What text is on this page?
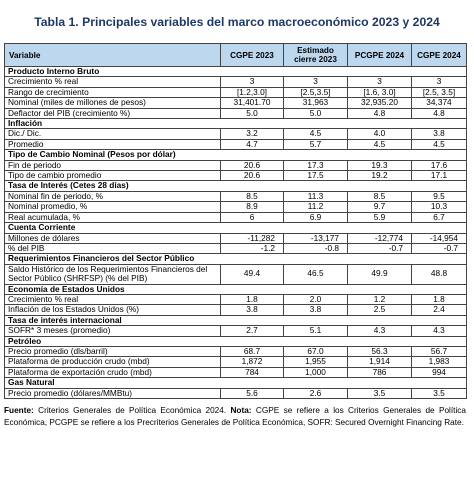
Tabla 1. Principales variables del marco macroeconómico 2023 y 2024
Variable	CGPE 2023	Estimado cierre 2023	PCGPE 2024	CGPE 2024
Producto Interno Bruto				
Crecimiento % real	3	3	3	3
Rango de crecimiento	[1.2,3.0]	[2.5,3.5]	[1.6, 3.0]	[2.5, 3.5]
Nominal (miles de millones de pesos)	31,401.70	31,963	32,935.20	34,374
Deflactor del PIB (crecimiento %)	5.0	5.0	4.8	4.8
Inflación				
Dic./ Dic.	3.2	4.5	4.0	3.8
Promedio	4.7	5.7	4.5	4.5
Tipo de Cambio Nominal (Pesos por dólar)				
Fin de periodo	20.6	17.3	19.3	17.6
Tipo de cambio promedio	20.6	17.5	19.2	17.1
Tasa de Interés (Cetes 28 días)				
Nominal fin de periodo, %	8.5	11.3	8.5	9.5
Nominal promedio, %	8.9	11.2	9.7	10.3
Real acumulada, %	6	6.9	5.9	6.7
Cuenta Corriente				
Millones de dólares	-11,282	-13,177	-12,774	-14,954
% del PIB	-1.2	-0.8	-0.7	-0.7
Requerimientos Financieros del Sector Público				
Saldo Histórico de los Requerimientos Financieros del Sector Público (SHRFSP) (% del PIB)	49.4	46.5	49.9	48.8
Economía de Estados Unidos				
Crecimiento % real	1.8	2.0	1.2	1.8
Inflación de los Estados Unidos (%)	3.8	3.8	2.5	2.4
Tasa de interés internacional				
SOFR* 3 meses (promedio)	2.7	5.1	4.3	4.3
Petróleo				
Precio promedio (dls/barril)	68.7	67.0	56.3	56.7
Plataforma de producción crudo (mbd)	1,872	1,955	1,914	1,983
Plataforma de exportación crudo (mbd)	784	1,000	786	994
Gas Natural				
Precio promedio (dólares/MMBtu)	5.6	2.6	3.5	3.5
Fuente: Criterios Generales de Política Económica 2024. Nota: CGPE se refiere a los Criterios Generales de Política Económica, PCGPE se refiere a los Precriterios Generales de Política Económica, SOFR: Secured Overnight Financing Rate.
